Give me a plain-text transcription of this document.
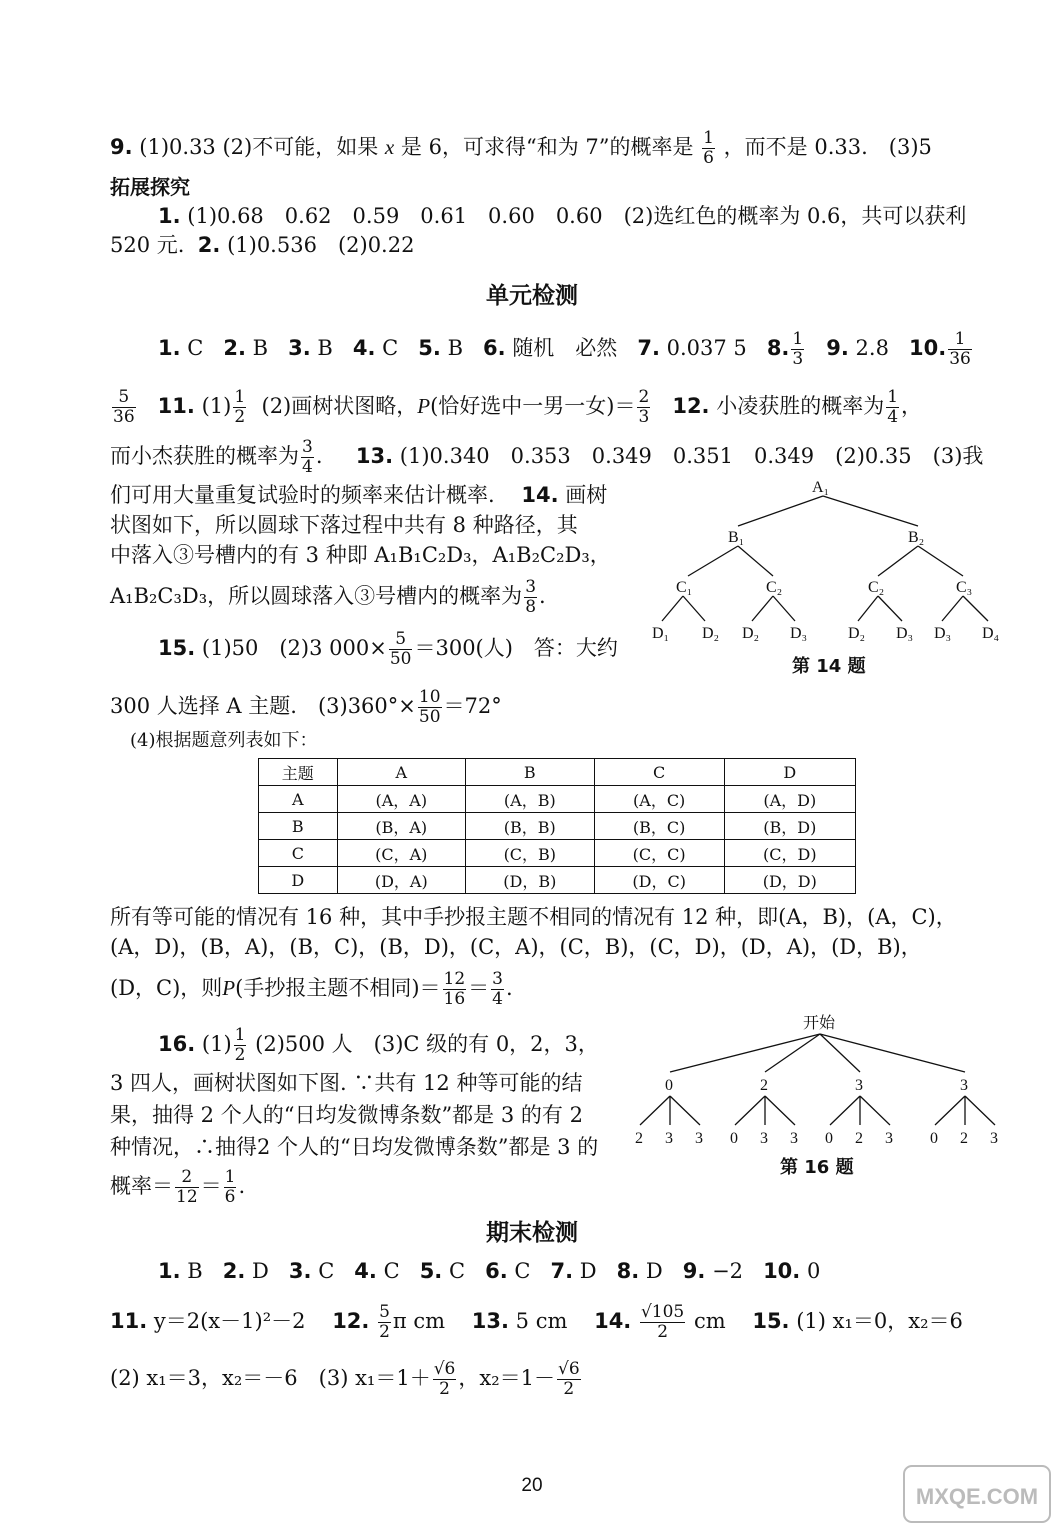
9. (1)0.33 (2)不可能，如果 x 是 6，可求得“和为 7”的概率是 $\frac{1}{6}$ ，而不是 0.33.　(3)5
拓展探究
1. (1)0.68　0.62　0.59　0.61　0.60　0.60　(2)选红色的概率为 0.6，共可以获利
520 元. 2. (1)0.536　(2)0.22
单元检测
1. C 2. B 3. B 4. C 5. B 6. 随机　必然 7. 0.037 5 8. $\frac{1}{3} 9$. 2.8 10. $\frac{1}{36}$
$\frac{5}{36} 11$. $(1) \frac{1}{2} (2)$画树状图略，P(恰好选中一男一女)＝ $\frac{2}{3} 12$. 小凌获胜的概率为 $\frac{1}{4}$ ，
而小杰获胜的概率为 $\frac{3}{4}$ . 13. (1)0.340　0.353　0.349　0.351　0.349　(2)0.35　(3)我
们可用大量重复试验时的频率来估计概率. 14. 画树
状图如下，所以圆球下落过程中共有 8 种路径，其
中落入③号槽内的有 3 种即 A₁B₁C₂D₃，A₁B₂C₂D₃，
A₁B₂C₃D₃，所以圆球落入③号槽内的概率为 $\frac{3}{8}$ .
A₁
B₁	B₂
C₁	C₂	C₂	C₃
D₁ D₂ D₂ D₃	D₂ D₃ D₃ D₄
第 14 题
15. (1)50　(2)3 $000\times \frac{5}{50} =300$(人)　答：大约
300 人选择 A 主题.　$(3)360^\circ\times \frac{10}{50} =72^\circ$
(4)根据题意列表如下：
主题	A	B	C	D
A	(A，A)	(A，B)	(A，C)	(A，D)
B	(B，A)	(B，B)	(B，C)	(B，D)
C	(C，A)	(C，B)	(C，C)	(C，D)
D	(D，A)	(D，B)	(D，C)	(D，D)
所有等可能的情况有 16 种，其中手抄报主题不相同的情况有 12 种，即(A，B)，(A，C)，
(A，D)，(B，A)，(B，C)，(B，D)，(C，A)，(C，B)，(C，D)，(D，A)，(D，B)，
(D，C)，则P(手抄报主题不相同)＝ $\frac{12}{16} = \frac{3}{4}$ .
16. $(1) \frac{1}{2} (2)500$ 人　(3)C 级的有 0，2，3，
3 四人，画树状图如下图. ∵共有 12 种等可能的结
果，抽得 2 个人的“日均发微博条数”都是 3 的有 2
种情况，∴抽得2 个人的“日均发微博条数”都是 3 的
概率＝ $\frac{2}{12} = \frac{1}{6}$ .
开始
0	2	3	3
2 3 3 0 3 3 0 2 3 0 2 3
第 16 题
期末检测
1. B 2. D 3. C 4. C 5. C 6. C 7. D 8. D 9. −2 10. 0
11. y＝2(x－1)²－2 12. $\frac{5}{2}$ π cm 13. 5 cm 14. $\frac{√105}{2}$ cm 15. (1) x₁＝0，x₂＝6
(2) x₁＝3，x₂＝－6　(3) $x_1=1+ \frac{√6}{2}$ ，$x_2=1- \frac{√6}{2}$
20	MXQE.COM
